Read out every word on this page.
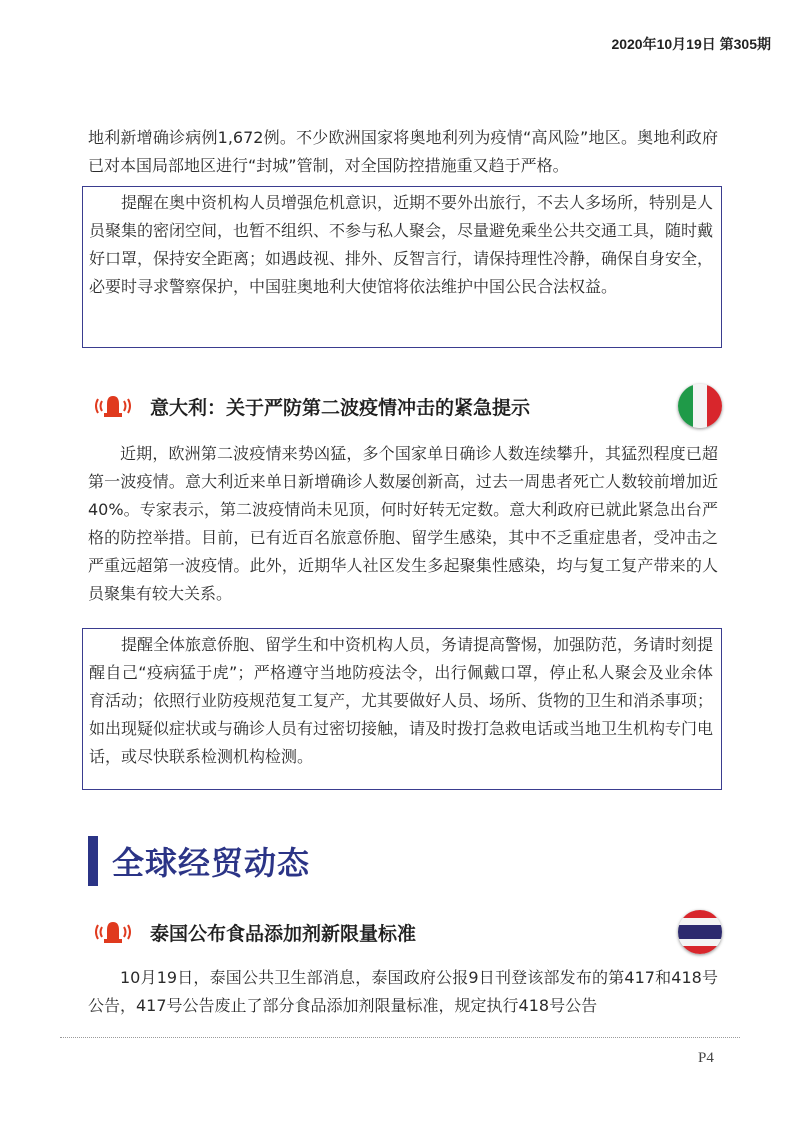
2020年10月19日 第305期

地利新增确诊病例1,672例。不少欧洲国家将奥地利列为疫情“高风险”地区。奥地利政府已对本国局部地区进行“封城”管制，对全国防控措施重又趋于严格。

提醒在奥中资机构人员增强危机意识，近期不要外出旅行，不去人多场所，特别是人员聚集的密闭空间，也暂不组织、不参与私人聚会，尽量避免乘坐公共交通工具，随时戴好口罩，保持安全距离；如遇歧视、排外、反智言行，请保持理性冷静，确保自身安全，必要时寻求警察保护，中国驻奥地利大使馆将依法维护中国公民合法权益。

意大利：关于严防第二波疫情冲击的紧急提示

近期，欧洲第二波疫情来势凶猛，多个国家单日确诊人数连续攀升，其猛烈程度已超第一波疫情。意大利近来单日新增确诊人数屡创新高，过去一周患者死亡人数较前增加近40%。专家表示，第二波疫情尚未见顶，何时好转无定数。意大利政府已就此紧急出台严格的防控举措。目前，已有近百名旅意侨胞、留学生感染，其中不乏重症患者，受冲击之严重远超第一波疫情。此外，近期华人社区发生多起聚集性感染，均与复工复产带来的人员聚集有较大关系。

提醒全体旅意侨胞、留学生和中资机构人员，务请提高警惕，加强防范，务请时刻提醒自己“疫病猛于虎”；严格遵守当地防疫法令，出行佩戴口罩，停止私人聚会及业余体育活动；依照行业防疫规范复工复产，尤其要做好人员、场所、货物的卫生和消杀事项；如出现疑似症状或与确诊人员有过密切接触，请及时拨打急救电话或当地卫生机构专门电话，或尽快联系检测机构检测。

全球经贸动态
泰国公布食品添加剂新限量标准

10月19日，泰国公共卫生部消息，泰国政府公报9日刊登该部发布的第417和418号公告，417号公告废止了部分食品添加剂限量标准，规定执行418号公告

P4
